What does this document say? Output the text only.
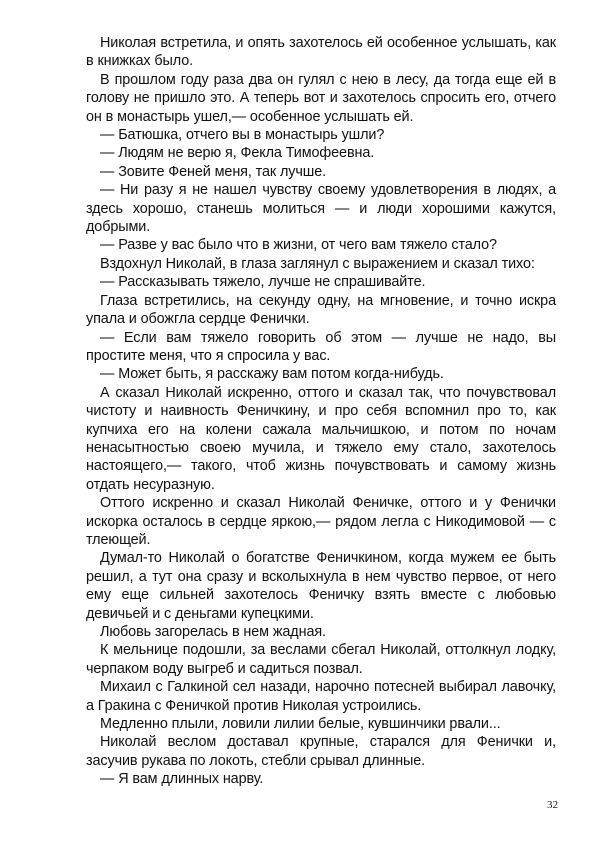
Николая встретила, и опять захотелось ей особенное услышать, как в книжках было.

В прошлом году раза два он гулял с нею в лесу, да тогда еще ей в голову не пришло это. А теперь вот и захотелось спросить его, отчего он в монастырь ушел,— особенное услышать ей.

— Батюшка, отчего вы в монастырь ушли?

— Людям не верю я, Фекла Тимофеевна.

— Зовите Феней меня, так лучше.

— Ни разу я не нашел чувству своему удовлетворения в людях, а здесь хорошо, станешь молиться — и люди хорошими кажутся, добрыми.

— Разве у вас было что в жизни, от чего вам тяжело стало?

Вздохнул Николай, в глаза заглянул с выражением и сказал тихо:

— Рассказывать тяжело, лучше не спрашивайте.

Глаза встретились, на секунду одну, на мгновение, и точно искра упала и обожгла сердце Фенички.

— Если вам тяжело говорить об этом — лучше не надо, вы простите меня, что я спросила у вас.

— Может быть, я расскажу вам потом когда-нибудь.

А сказал Николай искренно, оттого и сказал так, что почувствовал чистоту и наивность Феничкину, и про себя вспомнил про то, как купчиха его на колени сажала мальчишкою, и потом по ночам ненасытностью своею мучила, и тяжело ему стало, захотелось настоящего,— такого, чтоб жизнь почувствовать и самому жизнь отдать несуразную.

Оттого искренно и сказал Николай Феничке, оттого и у Фенички искорка осталось в сердце яркою,— рядом легла с Никодимовой — с тлеющей.

Думал-то Николай о богатстве Феничкином, когда мужем ее быть решил, а тут она сразу и всколыхнула в нем чувство первое, от него ему еще сильней захотелось Феничку взять вместе с любовью девичьей и с деньгами купецкими.

Любовь загорелась в нем жадная.

К мельнице подошли, за веслами сбегал Николай, оттолкнул лодку, черпаком воду выгреб и садиться позвал.

Михаил с Галкиной сел назади, нарочно потесней выбирал лавочку, а Гракина с Феничкой против Николая устроились.

Медленно плыли, ловили лилии белые, кувшинчики рвали...

Николай веслом доставал крупные, старался для Фенички и, засучив рукава по локоть, стебли срывал длинные.

— Я вам длинных нарву.

32
